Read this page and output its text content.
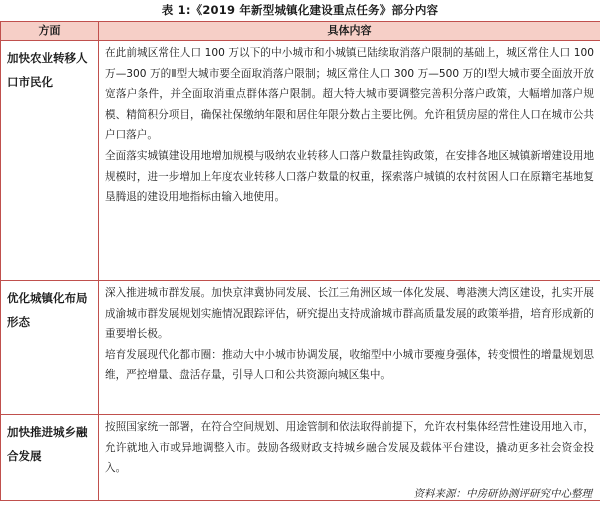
表 1:《2019 年新型城镇化建设重点任务》部分内容
方面	具体内容
加快农业转移人口市民化	在此前城区常住人口 100 万以下的中小城市和小城镇已陆续取消落户限制的基础上，城区常住人口 100 万—300 万的Ⅱ型大城市要全面取消落户限制；城区常住人口 300 万—500 万的Ⅰ型大城市要全面放开放宽落户条件，并全面取消重点群体落户限制。超大特大城市要调整完善积分落户政策，大幅增加落户规模、精简积分项目，确保社保缴纳年限和居住年限分数占主要比例。允许租赁房屋的常住人口在城市公共户口落户。

全面落实城镇建设用地增加规模与吸纳农业转移人口落户数量挂钩政策，在安排各地区城镇新增建设用地规模时，进一步增加上年度农业转移人口落户数量的权重，探索落户城镇的农村贫困人口在原籍宅基地复垦腾退的建设用地指标由输入地使用。

优化城镇化布局形态	深入推进城市群发展。加快京津冀协同发展、长江三角洲区域一体化发展、粤港澳大湾区建设，扎实开展成渝城市群发展规划实施情况跟踪评估，研究提出支持成渝城市群高质量发展的政策举措，培育形成新的重要增长极。

培育发展现代化都市圈：推动大中小城市协调发展，收缩型中小城市要瘦身强体，转变惯性的增量规划思维，严控增量、盘活存量，引导人口和公共资源向城区集中。

加快推进城乡融合发展	按照国家统一部署，在符合空间规划、用途管制和依法取得前提下，允许农村集体经营性建设用地入市，允许就地入市或异地调整入市。鼓励各级财政支持城乡融合发展及载体平台建设，撬动更多社会资金投入。

资料来源：中房研协测评研究中心整理
